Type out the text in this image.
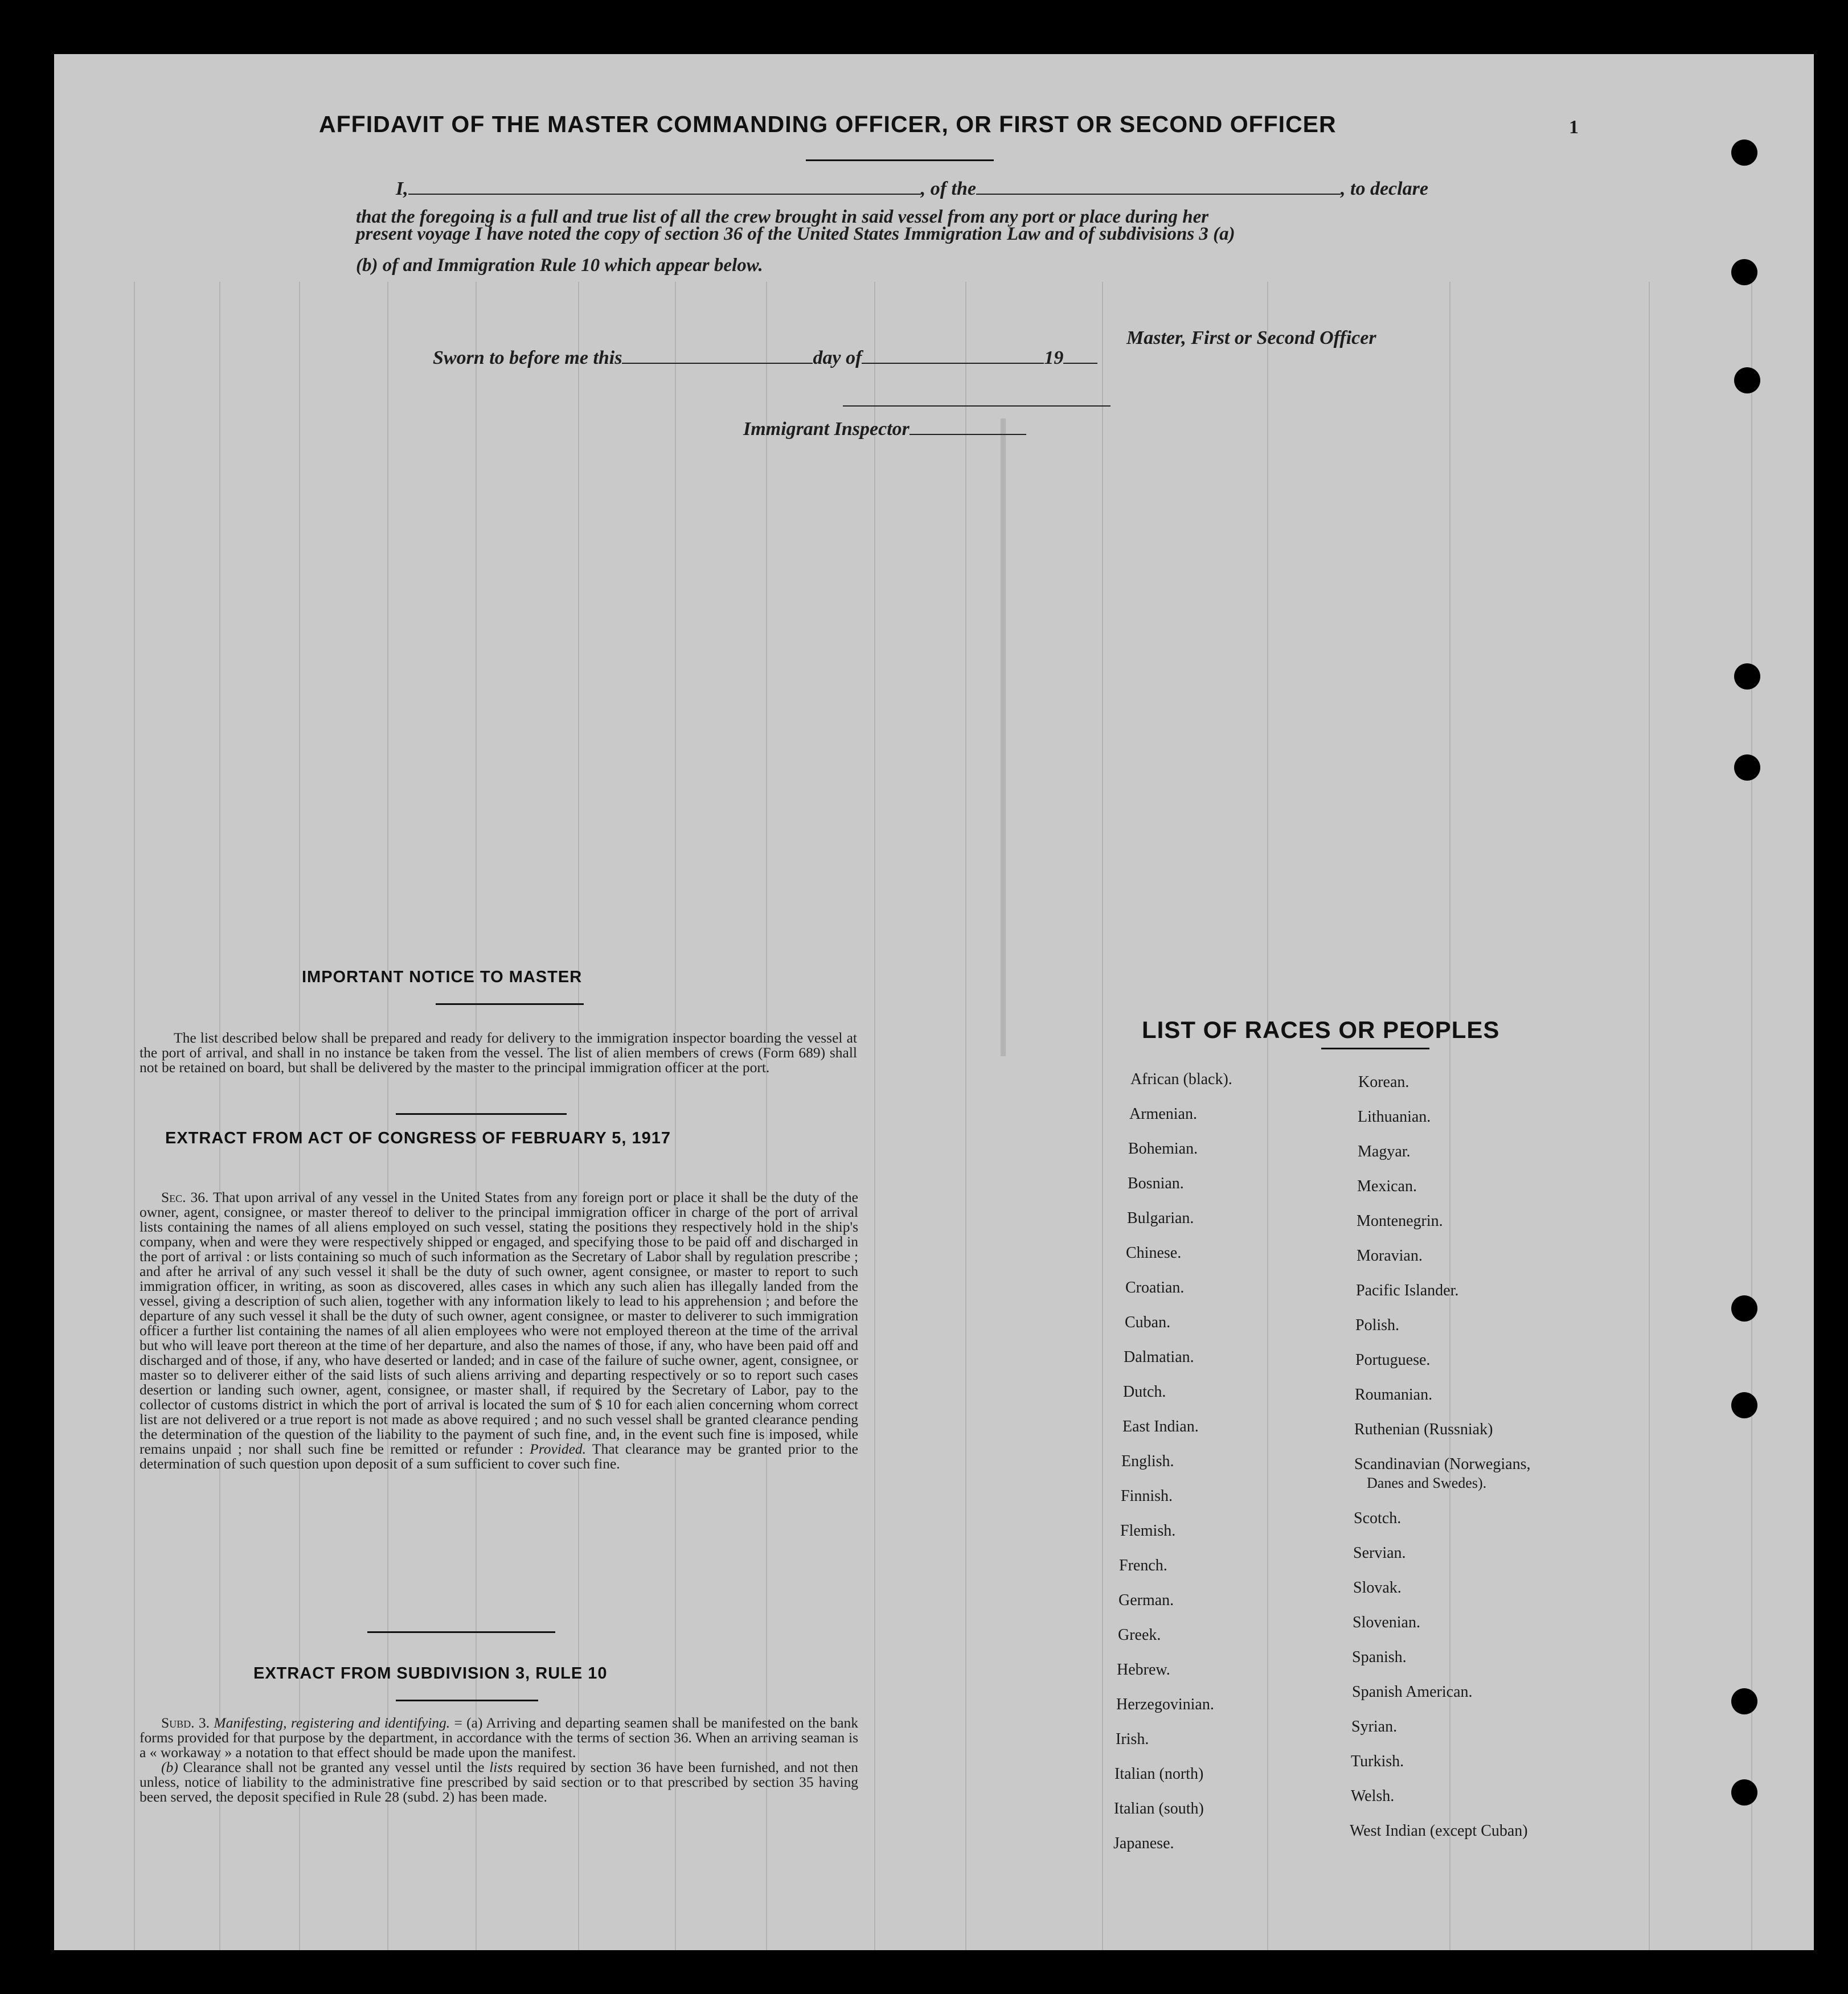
AFFIDAVIT OF THE MASTER COMMANDING OFFICER, OR FIRST OR SECOND OFFICER	1
I,	, of the	, to declare
that the foregoing is a full and true list of all the crew brought in said vessel from any port or place during her
present voyage I have noted the copy of section 36 of the United States Immigration Law and of subdivisions 3 (a)
(b) of and Immigration Rule 10 which appear below.
Master, First or Second Officer
Sworn to before me this	day of	19
Immigrant Inspector ————————
IMPORTANT NOTICE TO MASTER
The list described below shall be prepared and ready for delivery to the immigration inspector boarding the vessel at the port of arrival, and shall in no instance be taken from the vessel. The list of alien members of crews (Form 689) shall not be retained on board, but shall be delivered by the master to the principal immigration officer at the port.
EXTRACT FROM ACT OF CONGRESS OF FEBRUARY 5, 1917
Sec. 36. That upon arrival of any vessel in the United States from any foreign port or place it shall be the duty of the owner, agent, consignee, or master thereof to deliver to the principal immigration officer in charge of the port of arrival lists containing the names of all aliens employed on such vessel, stating the positions they respectively hold in the ship's company, when and were they were respectively shipped or engaged, and specifying those to be paid off and discharged in the port of arrival : or lists containing so much of such information as the Secretary of Labor shall by regulation prescribe ; and after he arrival of any such vessel it shall be the duty of such owner, agent consignee, or master to report to such immigration officer, in writing, as soon as discovered, alles cases in which any such alien has illegally landed from the vessel, giving a description of such alien, together with any information likely to lead to his apprehension ; and before the departure of any such vessel it shall be the duty of such owner, agent consignee, or master to deliverer to such immigration officer a further list containing the names of all alien employees who were not employed thereon at the time of the arrival but who will leave port thereon at the time of her departure, and also the names of those, if any, who have been paid off and discharged and of those, if any, who have deserted or landed; and in case of the failure of suche owner, agent, consignee, or master so to deliverer either of the said lists of such aliens arriving and departing respectively or so to report such cases desertion or landing such owner, agent, consignee, or master shall, if required by the Secretary of Labor, pay to the collector of customs district in which the port of arrival is located the sum of $ 10 for each alien concerning whom correct list are not delivered or a true report is not made as above required ; and no such vessel shall be granted clearance pending the determination of the question of the liability to the payment of such fine, and, in the event such fine is imposed, while remains unpaid ; nor shall such fine be remitted or refunder : Provided. That clearance may be granted prior to the determination of such question upon deposit of a sum sufficient to cover such fine.
EXTRACT FROM SUBDIVISION 3, RULE 10
Subd. 3. Manifesting, registering and identifying. = (a) Arriving and departing seamen shall be manifested on the bank forms provided for that purpose by the department, in accordance with the terms of section 36. When an arriving seaman is a « workaway » a notation to that effect should be made upon the manifest.
(b) Clearance shall not be granted any vessel until the lists required by section 36 have been furnished, and not then unless, notice of liability to the administrative fine prescribed by said section or to that prescribed by section 35 having been served, the deposit specified in Rule 28 (subd. 2) has been made.
LIST OF RACES OR PEOPLES
African (black).
Armenian.
Bohemian.
Bosnian.
Bulgarian.
Chinese.
Croatian.
Cuban.
Dalmatian.
Dutch.
East Indian.
English.
Finnish.
Flemish.
French.
German.
Greek.
Hebrew.
Herzegovinian.
Irish.
Italian (north)
Italian (south)
Japanese.
Korean.
Lithuanian.
Magyar.
Mexican.
Montenegrin.
Moravian.
Pacific Islander.
Polish.
Portuguese.
Roumanian.
Ruthenian (Russniak)
Scandinavian (Norwegians,
Danes and Swedes).
Scotch.
Servian.
Slovak.
Slovenian.
Spanish.
Spanish American.
Syrian.
Turkish.
Welsh.
West Indian (except Cuban)
